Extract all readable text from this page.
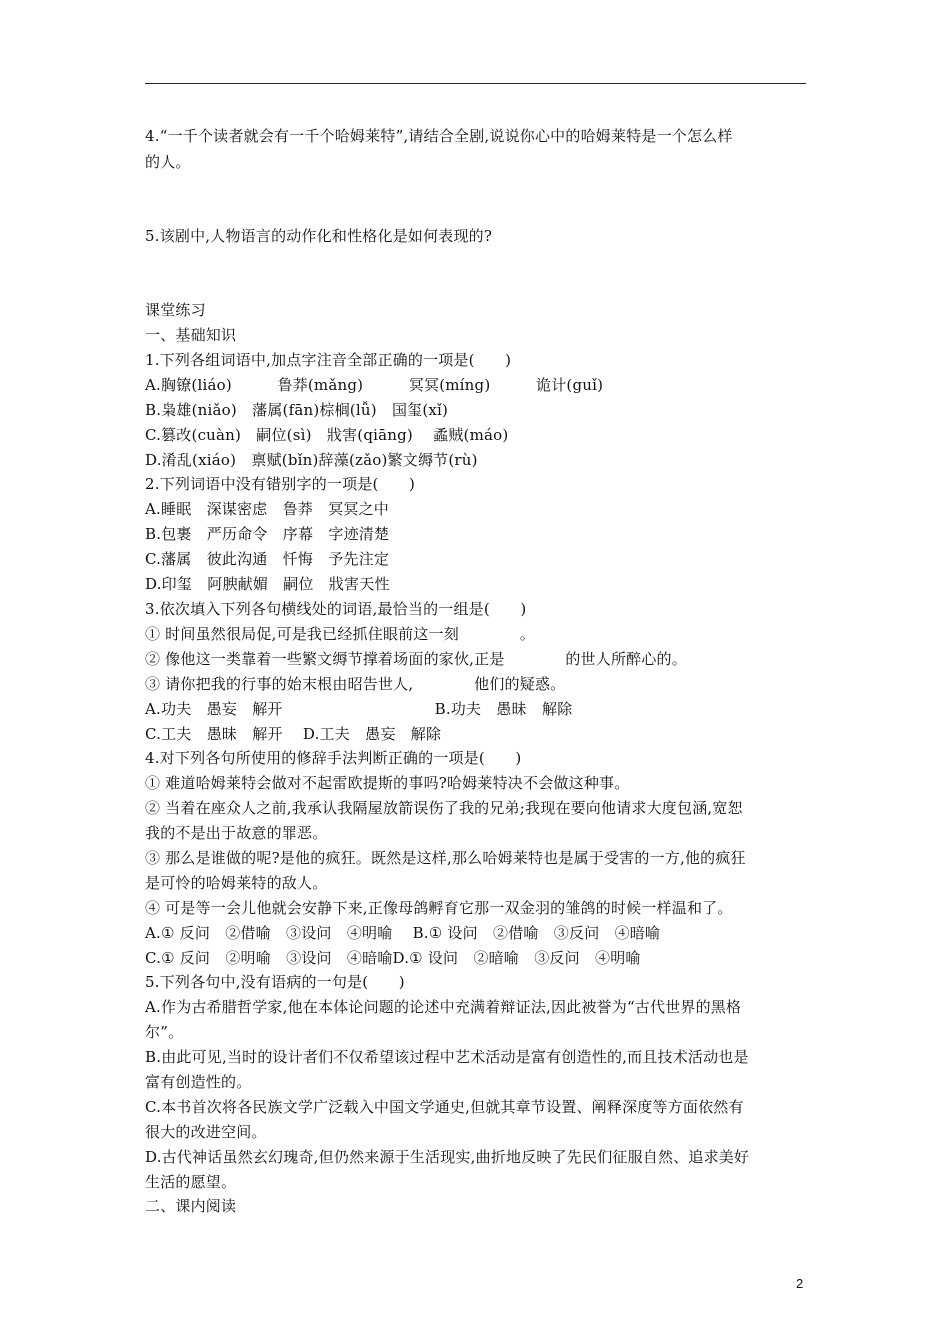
4.“一千个读者就会有一千个哈姆莱特”,请结合全剧,说说你心中的哈姆莱特是一个怎么样
的人。
5.该剧中,人物语言的动作化和性格化是如何表现的?
课堂练习
一、基础知识
1.下列各组词语中,加点字注音全部正确的一项是(　　)
A.胸镣(liáo)　　　鲁莽(mǎng)　　　冥冥(míng)　　　诡计(guǐ)
B.枭雄(niǎo)　藩属(fān)棕榈(lǚ)　国玺(xǐ)
C.篡改(cuàn)　嗣位(sì)　戕害(qiāng)　 蟊贼(máo)
D.淆乱(xiáo)　禀赋(bǐn)辞藻(zǎo)繁文缛节(rù)
2.下列词语中没有错别字的一项是(　　)
A.睡眠　深谋密虑　鲁莽　冥冥之中
B.包裹　严历命令　序幕　字迹清楚
C.藩属　彼此沟通　忏悔　予先注定
D.印玺　阿腴献媚　嗣位　戕害天性
3.依次填入下列各句横线处的词语,最恰当的一组是(　　)
① 时间虽然很局促,可是我已经抓住眼前这一刻　　　　。
② 像他这一类靠着一些繁文缛节撑着场面的家伙,正是　　　　的世人所醉心的。
③ 请你把我的行事的始末根由昭告世人,　　　　他们的疑惑。
A.功夫　愚妄　解开　　　　　　　　　　B.功夫　愚昧　解除
C.工夫　愚昧　解开　 D.工夫　愚妄　解除
4.对下列各句所使用的修辞手法判断正确的一项是(　　)
① 难道哈姆莱特会做对不起雷欧提斯的事吗?哈姆莱特决不会做这种事。
② 当着在座众人之前,我承认我隔屋放箭误伤了我的兄弟;我现在要向他请求大度包涵,宽恕
我的不是出于故意的罪恶。
③ 那么是谁做的呢?是他的疯狂。既然是这样,那么哈姆莱特也是属于受害的一方,他的疯狂
是可怜的哈姆莱特的敌人。
④ 可是等一会儿他就会安静下来,正像母鸽孵育它那一双金羽的雏鸽的时候一样温和了。
A.① 反问　②借喻　③设问　④明喻　 B.① 设问　②借喻　③反问　④暗喻
C.① 反问　②明喻　③设问　④暗喻D.① 设问　②暗喻　③反问　④明喻
5.下列各句中,没有语病的一句是(　　)
A.作为古希腊哲学家,他在本体论问题的论述中充满着辩证法,因此被誉为“古代世界的黑格
尔”。
B.由此可见,当时的设计者们不仅希望该过程中艺术活动是富有创造性的,而且技术活动也是
富有创造性的。
C.本书首次将各民族文学广泛载入中国文学通史,但就其章节设置、阐释深度等方面依然有
很大的改进空间。
D.古代神话虽然玄幻瑰奇,但仍然来源于生活现实,曲折地反映了先民们征服自然、追求美好
生活的愿望。
二、课内阅读
2
